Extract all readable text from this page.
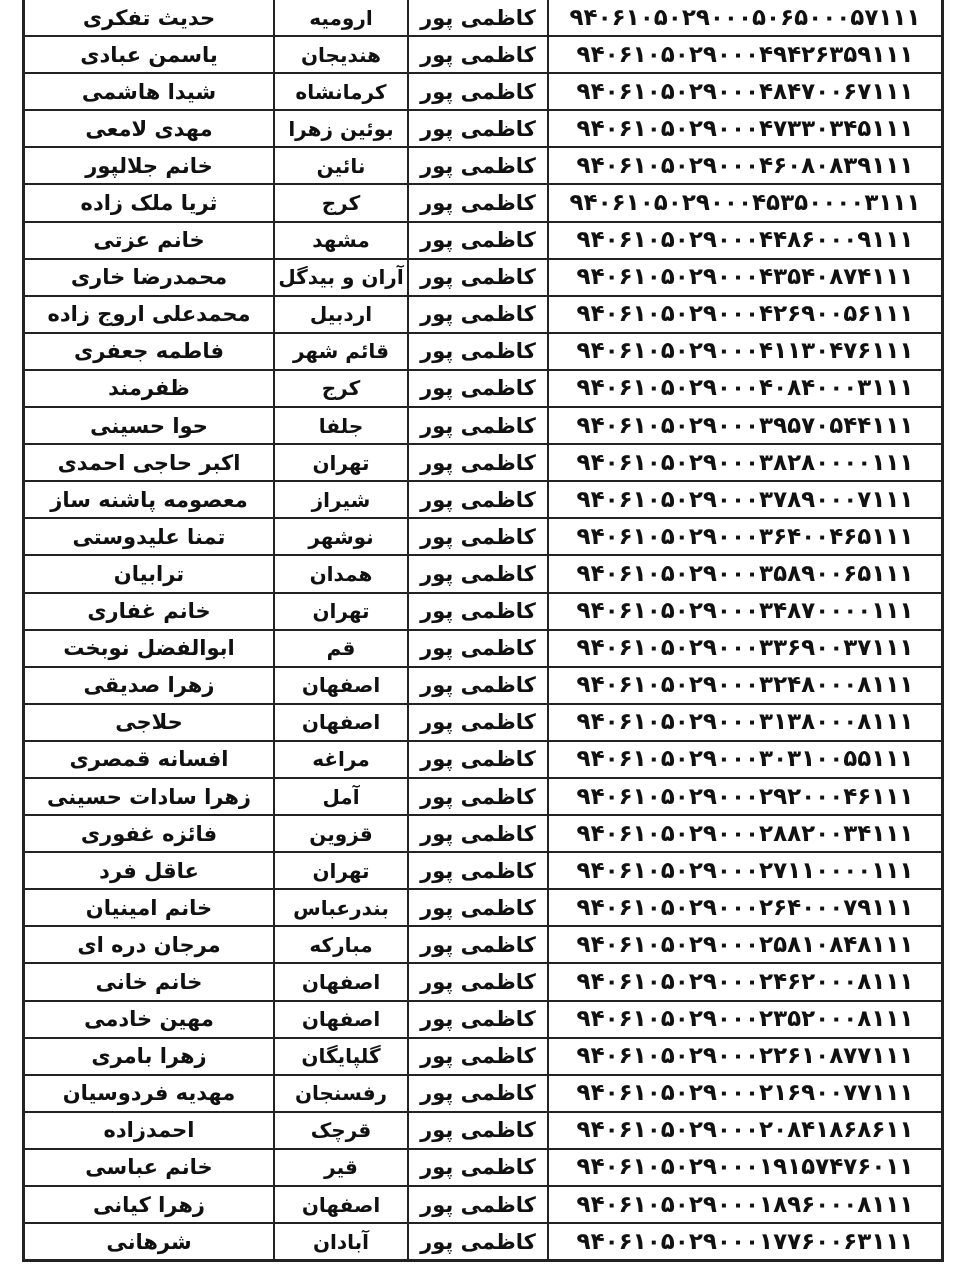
حدیث تفکری	ارومیه کاظمی پور ۹۴۰۶۱۰۵۰۲۹۰۰۰۵۰۶۵۰۰۰۵۷۱۱۱
یاسمن عبادی	هندیجان کاظمی پور ۹۴۰۶۱۰۵۰۲۹۰۰۰۴۹۴۲۶۳۵۹۱۱۱
شیدا هاشمی	کرمانشاه کاظمی پور ۹۴۰۶۱۰۵۰۲۹۰۰۰۴۸۴۷۰۰۶۷۱۱۱
مهدی لامعی	بوئین زهرا کاظمی پور ۹۴۰۶۱۰۵۰۲۹۰۰۰۴۷۳۳۰۳۴۵۱۱۱
خانم جلالپور	نائین	کاظمی پور ۹۴۰۶۱۰۵۰۲۹۰۰۰۴۶۰۸۰۸۳۹۱۱۱
ثریا ملک زاده	کرج	کاظمی پور ۹۴۰۶۱۰۵۰۲۹۰۰۰۴۵۳۵۰۰۰۰۳۱۱۱
خانم عزتی	مشهد کاظمی پور ۹۴۰۶۱۰۵۰۲۹۰۰۰۴۴۸۶۰۰۰۹۱۱۱
محمدرضا خاری	آران و بیدگل کاظمی پور ۹۴۰۶۱۰۵۰۲۹۰۰۰۴۳۵۴۰۸۷۴۱۱۱
محمدعلی اروج زاده	اردبیل کاظمی پور ۹۴۰۶۱۰۵۰۲۹۰۰۰۴۲۶۹۰۰۵۶۱۱۱
فاطمه جعفری	قائم شهر کاظمی پور ۹۴۰۶۱۰۵۰۲۹۰۰۰۴۱۱۳۰۴۷۶۱۱۱
ظفرمند	کرج	کاظمی پور ۹۴۰۶۱۰۵۰۲۹۰۰۰۴۰۸۴۰۰۰۳۱۱۱
حوا حسینی	جلفا	کاظمی پور ۹۴۰۶۱۰۵۰۲۹۰۰۰۳۹۵۷۰۵۴۴۱۱۱
اکبر حاجی احمدی	تهران کاظمی پور ۹۴۰۶۱۰۵۰۲۹۰۰۰۳۸۲۸۰۰۰۰۱۱۱
معصومه پاشنه ساز	شیراز کاظمی پور ۹۴۰۶۱۰۵۰۲۹۰۰۰۳۷۸۹۰۰۰۷۱۱۱
تمنا علیدوستی	نوشهر کاظمی پور ۹۴۰۶۱۰۵۰۲۹۰۰۰۳۶۴۰۰۴۶۵۱۱۱
ترابیان	همدان کاظمی پور ۹۴۰۶۱۰۵۰۲۹۰۰۰۳۵۸۹۰۰۶۵۱۱۱
خانم غفاری	تهران کاظمی پور ۹۴۰۶۱۰۵۰۲۹۰۰۰۳۴۸۷۰۰۰۰۱۱۱
ابوالفضل نوبخت	قم	کاظمی پور ۹۴۰۶۱۰۵۰۲۹۰۰۰۳۳۶۹۰۰۳۷۱۱۱
زهرا صدیقی	اصفهان کاظمی پور ۹۴۰۶۱۰۵۰۲۹۰۰۰۳۲۴۸۰۰۰۸۱۱۱
حلاجی	اصفهان کاظمی پور ۹۴۰۶۱۰۵۰۲۹۰۰۰۳۱۳۸۰۰۰۸۱۱۱
افسانه قمصری	مراغه کاظمی پور ۹۴۰۶۱۰۵۰۲۹۰۰۰۳۰۳۱۰۰۵۵۱۱۱
زهرا سادات حسینی	آمل	کاظمی پور ۹۴۰۶۱۰۵۰۲۹۰۰۰۲۹۲۰۰۰۴۶۱۱۱
فائزه غفوری	قزوین کاظمی پور ۹۴۰۶۱۰۵۰۲۹۰۰۰۲۸۸۲۰۰۳۴۱۱۱
عاقل فرد	تهران کاظمی پور ۹۴۰۶۱۰۵۰۲۹۰۰۰۲۷۱۱۰۰۰۰۱۱۱
خانم امینیان	بندرعباس کاظمی پور ۹۴۰۶۱۰۵۰۲۹۰۰۰۲۶۴۰۰۰۷۹۱۱۱
مرجان دره ای	مبارکه کاظمی پور ۹۴۰۶۱۰۵۰۲۹۰۰۰۲۵۸۱۰۸۴۸۱۱۱
خانم خانی	اصفهان کاظمی پور ۹۴۰۶۱۰۵۰۲۹۰۰۰۲۴۶۲۰۰۰۸۱۱۱
مهین خادمی	اصفهان کاظمی پور ۹۴۰۶۱۰۵۰۲۹۰۰۰۲۳۵۲۰۰۰۸۱۱۱
زهرا بامری	گلپایگان کاظمی پور ۹۴۰۶۱۰۵۰۲۹۰۰۰۲۲۶۱۰۸۷۷۱۱۱
مهدیه فردوسیان	رفسنجان کاظمی پور ۹۴۰۶۱۰۵۰۲۹۰۰۰۲۱۶۹۰۰۷۷۱۱۱
احمدزاده	قرچک کاظمی پور ۹۴۰۶۱۰۵۰۲۹۰۰۰۲۰۸۴۱۸۶۸۶۱۱
خانم عباسی	قیر	کاظمی پور ۹۴۰۶۱۰۵۰۲۹۰۰۰۱۹۱۵۷۴۷۶۰۱۱
زهرا کیانی	اصفهان کاظمی پور ۹۴۰۶۱۰۵۰۲۹۰۰۰۱۸۹۶۰۰۰۸۱۱۱
شرهانی	آبادان کاظمی پور ۹۴۰۶۱۰۵۰۲۹۰۰۰۱۷۷۶۰۰۶۳۱۱۱
